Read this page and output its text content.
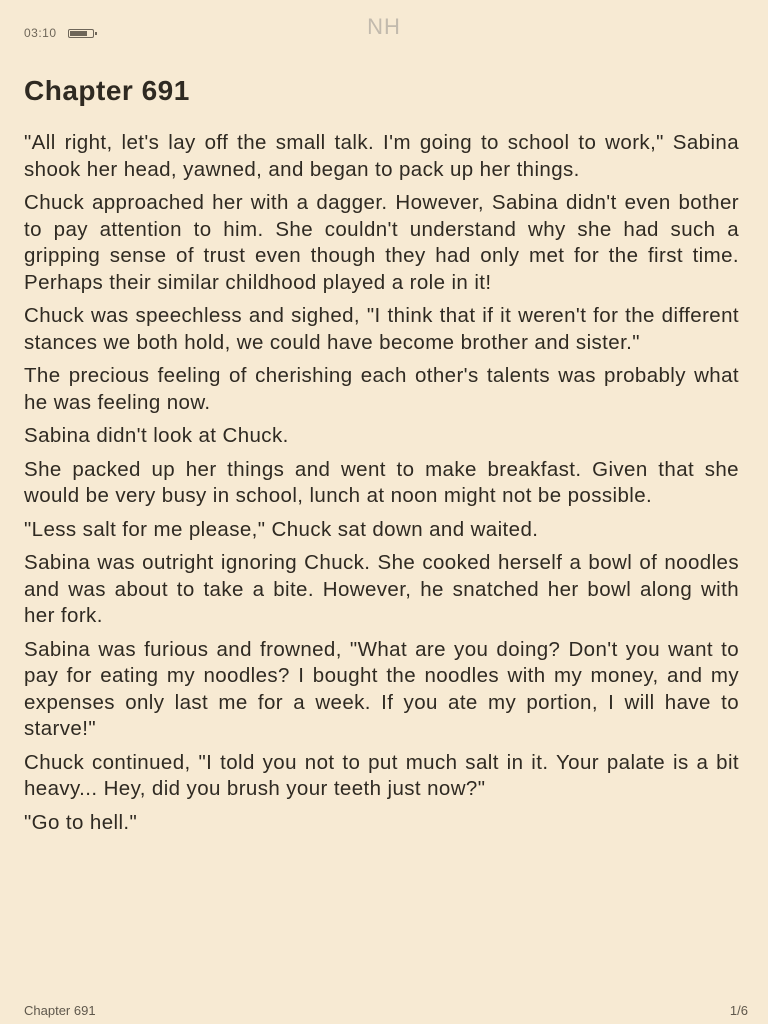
03:10	NH
Chapter 691

"All right, let's lay off the small talk. I'm going to school to work," Sabina shook her head, yawned, and began to pack up her things.

Chuck approached her with a dagger. However, Sabina didn't even bother to pay attention to him. She couldn't understand why she had such a gripping sense of trust even though they had only met for the first time. Perhaps their similar childhood played a role in it!

Chuck was speechless and sighed, "I think that if it weren't for the different stances we both hold, we could have become brother and sister."

The precious feeling of cherishing each other's talents was probably what he was feeling now.

Sabina didn't look at Chuck.

She packed up her things and went to make breakfast. Given that she would be very busy in school, lunch at noon might not be possible.

"Less salt for me please," Chuck sat down and waited.

Sabina was outright ignoring Chuck. She cooked herself a bowl of noodles and was about to take a bite. However, he snatched her bowl along with her fork.

Sabina was furious and frowned, "What are you doing? Don't you want to pay for eating my noodles? I bought the noodles with my money, and my expenses only last me for a week. If you ate my portion, I will have to starve!"

Chuck continued, "I told you not to put much salt in it. Your palate is a bit heavy... Hey, did you brush your teeth just now?"

"Go to hell."

Chapter 691	1/6
